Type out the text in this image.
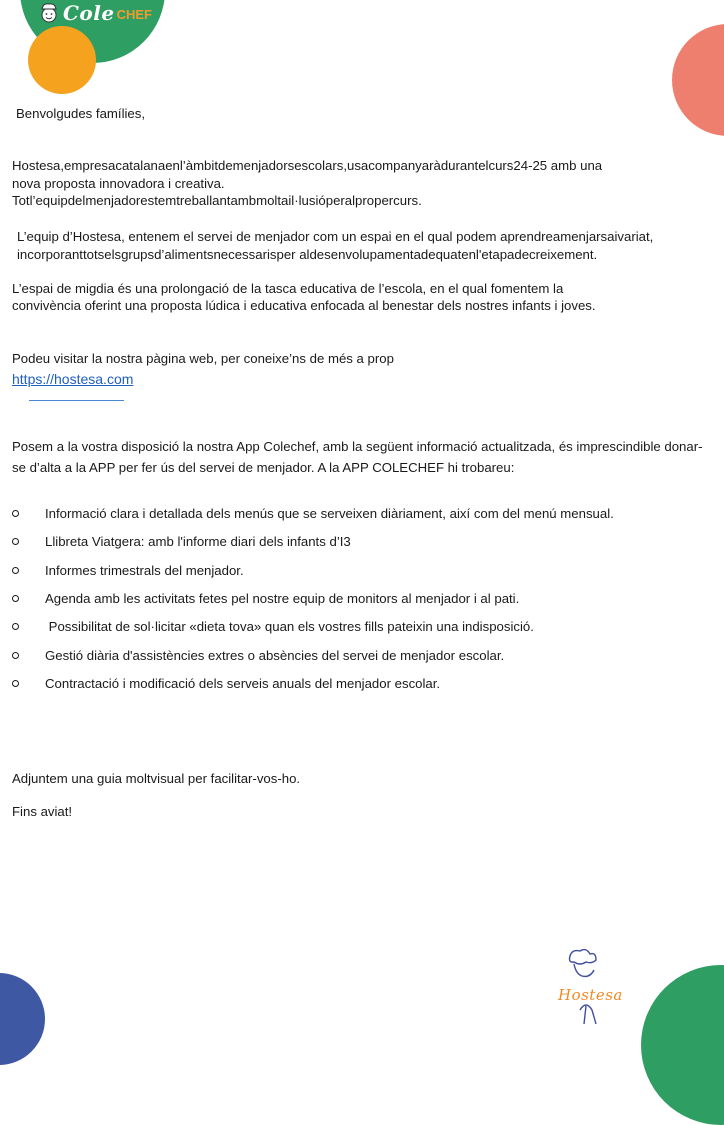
Cole CHEF
Benvolgudes famílies,
Hostesa,empresacatalanaenl’àmbitdemenjadorsescolars,usacompanyaràdurantelcurs24-25 amb una
nova proposta innovadora i creativa.
Totl’equipdelmenjadorestemtreballantambmoltail·lusióperalpropercurs.
L’equip d’Hostesa, entenem el servei de menjador com un espai en el qual podem aprendreamenjarsaivariat,
incorporanttotselsgrupsd’alimentsnecessarisper aldesenvolupamentadequatenl'etapadecreixement.
L’espai de migdia és una prolongació de la tasca educativa de l’escola, en el qual fomentem la
convivència oferint una proposta lúdica i educativa enfocada al benestar dels nostres infants i joves.
Podeu visitar la nostra pàgina web, per coneixe’ns de més a prop
https://hostesa.com
Posem a la vostra disposició la nostra App Colechef, amb la següent informació actualitzada, és imprescindible donar-
se d’alta a la APP per fer ús del servei de menjador. A la APP COLECHEF hi trobareu:
Informació clara i detallada dels menús que se serveixen diàriament, així com del menú mensual.
Llibreta Viatgera: amb l'informe diari dels infants d’I3
Informes trimestrals del menjador.
Agenda amb les activitats fetes pel nostre equip de monitors al menjador i al pati.
Possibilitat de sol·licitar «dieta tova» quan els vostres fills pateixin una indisposició.
Gestió diària d'assistències extres o absències del servei de menjador escolar.
Contractació i modificació dels serveis anuals del menjador escolar.
Adjuntem una guia moltvisual per facilitar-vos-ho.
Fins aviat!
Hostesa
